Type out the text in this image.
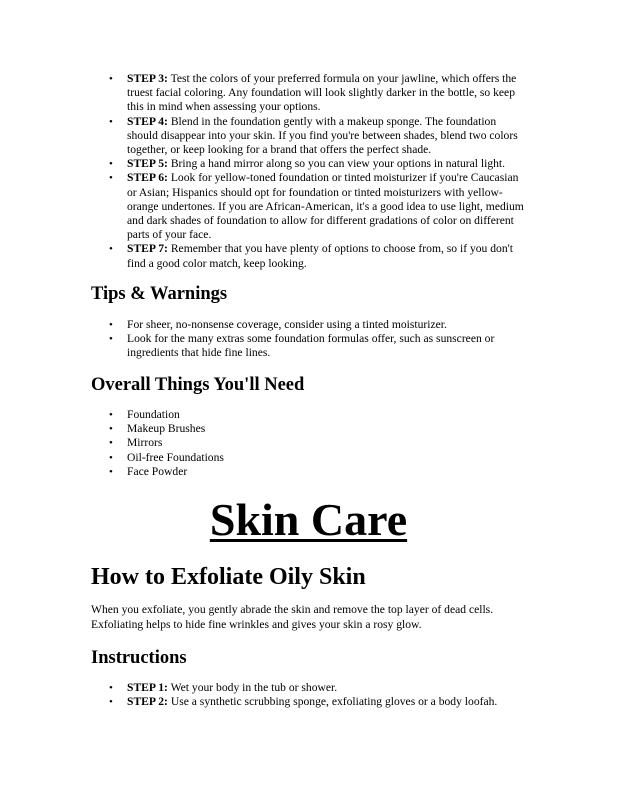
• STEP 3: Test the colors of your preferred formula on your jawline, which offers the truest facial coloring. Any foundation will look slightly darker in the bottle, so keep this in mind when assessing your options.
• STEP 4: Blend in the foundation gently with a makeup sponge. The foundation should disappear into your skin. If you find you're between shades, blend two colors together, or keep looking for a brand that offers the perfect shade.
• STEP 5: Bring a hand mirror along so you can view your options in natural light.
• STEP 6: Look for yellow-toned foundation or tinted moisturizer if you're Caucasian or Asian; Hispanics should opt for foundation or tinted moisturizers with yellow-orange undertones. If you are African-American, it's a good idea to use light, medium and dark shades of foundation to allow for different gradations of color on different parts of your face.
• STEP 7: Remember that you have plenty of options to choose from, so if you don't find a good color match, keep looking.
Tips & Warnings
• For sheer, no-nonsense coverage, consider using a tinted moisturizer.
• Look for the many extras some foundation formulas offer, such as sunscreen or ingredients that hide fine lines.
Overall Things You'll Need
• Foundation
• Makeup Brushes
• Mirrors
• Oil-free Foundations
• Face Powder
Skin Care
How to Exfoliate Oily Skin

When you exfoliate, you gently abrade the skin and remove the top layer of dead cells. Exfoliating helps to hide fine wrinkles and gives your skin a rosy glow.

Instructions
• STEP 1: Wet your body in the tub or shower.
• STEP 2: Use a synthetic scrubbing sponge, exfoliating gloves or a body loofah.
